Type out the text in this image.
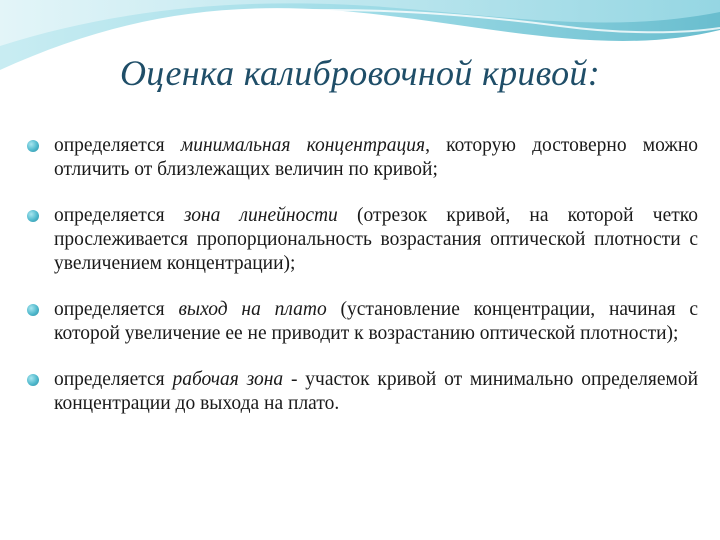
Оценка калибровочной кривой:
определяется минимальная концентрация, которую достоверно можно отличить от близлежащих величин по кривой;
определяется зона линейности (отрезок кривой, на которой четко прослеживается пропорциональность возрастания оптической плотности с увеличением концентрации);
определяется выход на плато (установление концентрации, начиная с которой увеличение ее не приводит к возрастанию оптической плотности);
определяется рабочая зона - участок кривой от минимально определяемой концентрации до выхода на плато.
